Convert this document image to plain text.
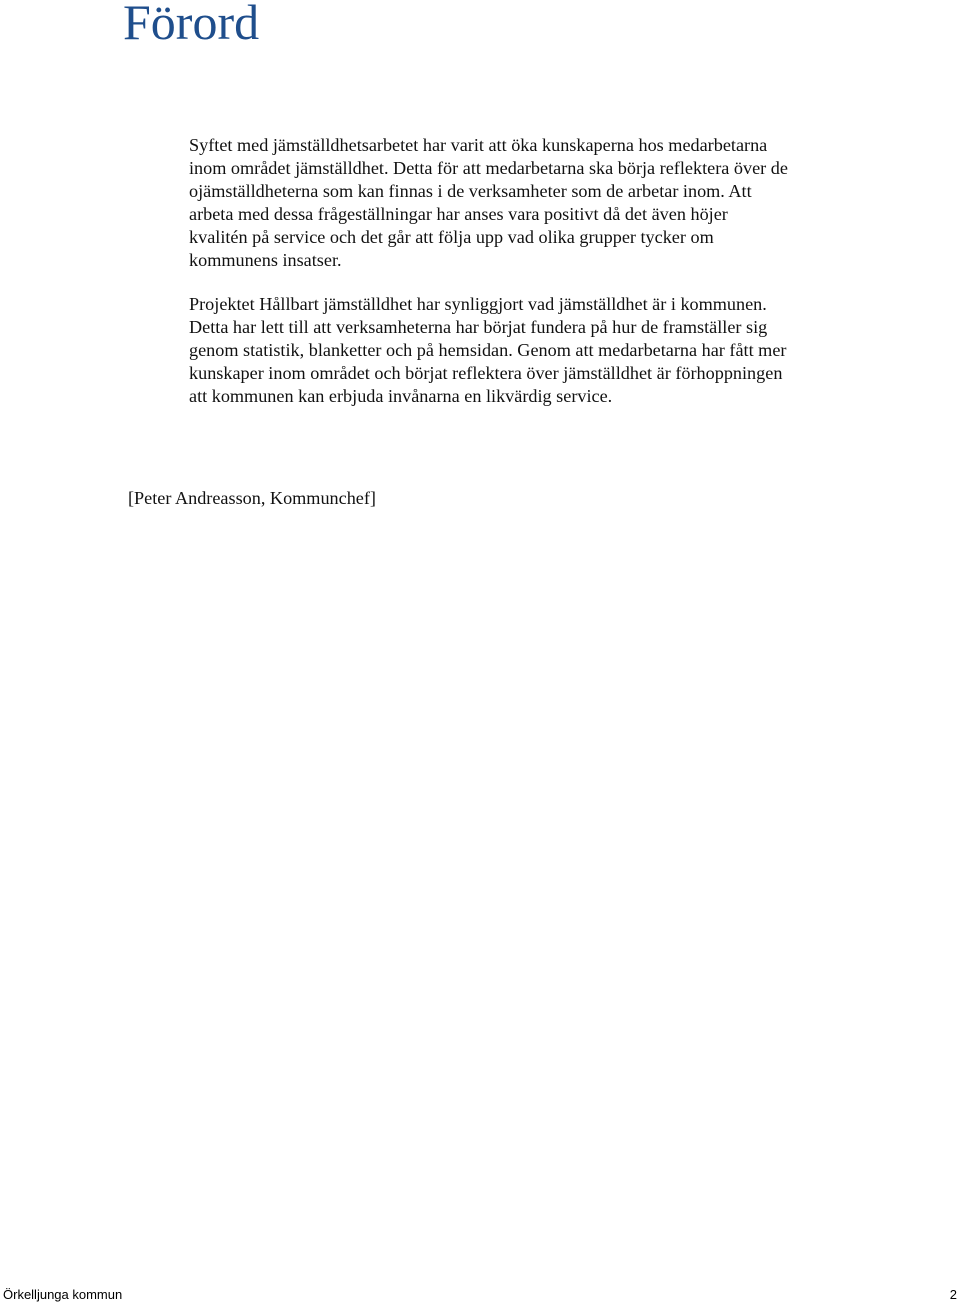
Förord

Syftet med jämställdhetsarbetet har varit att öka kunskaperna hos medarbetarna inom området jämställdhet. Detta för att medarbetarna ska börja reflektera över de ojämställdheterna som kan finnas i de verksamheter som de arbetar inom. Att arbeta med dessa frågeställningar har anses vara positivt då det även höjer kvalitén på service och det går att följa upp vad olika grupper tycker om kommunens insatser.

Projektet Hållbart jämställdhet har synliggjort vad jämställdhet är i kommunen. Detta har lett till att verksamheterna har börjat fundera på hur de framställer sig genom statistik, blanketter och på hemsidan. Genom att medarbetarna har fått mer kunskaper inom området och börjat reflektera över jämställdhet är förhoppningen att kommunen kan erbjuda invånarna en likvärdig service.

[Peter Andreasson, Kommunchef]

Örkelljunga kommun	2
